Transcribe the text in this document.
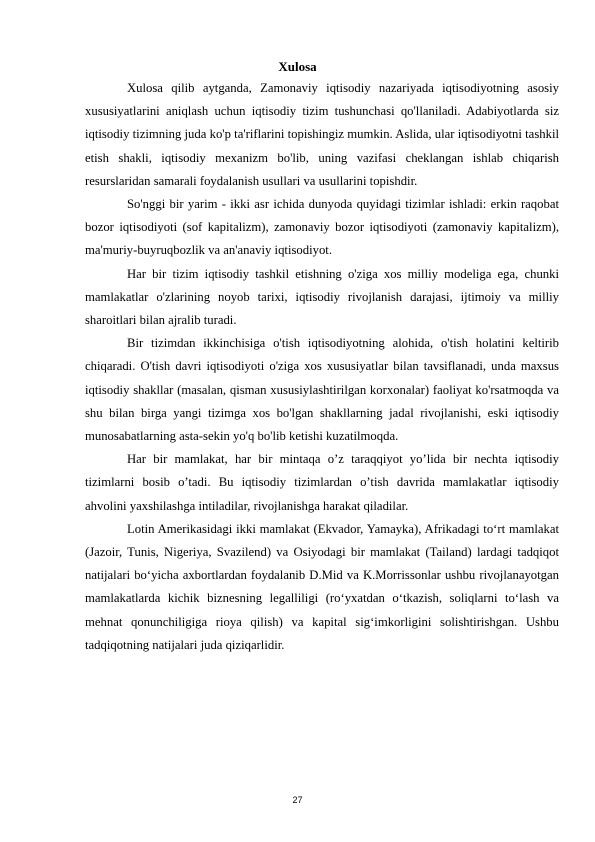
Xulosa

Xulosa qilib aytganda, Zamonaviy iqtisodiy nazariyada iqtisodiyotning asosiy xususiyatlarini aniqlash uchun iqtisodiy tizim tushunchasi qo'llaniladi. Adabiyotlarda siz iqtisodiy tizimning juda ko'p ta'riflarini topishingiz mumkin. Aslida, ular iqtisodiyotni tashkil etish shakli, iqtisodiy mexanizm bo'lib, uning vazifasi cheklangan ishlab chiqarish resurslaridan samarali foydalanish usullari va usullarini topishdir.

So'nggi bir yarim - ikki asr ichida dunyoda quyidagi tizimlar ishladi: erkin raqobat bozor iqtisodiyoti (sof kapitalizm), zamonaviy bozor iqtisodiyoti (zamonaviy kapitalizm), ma'muriy-buyruqbozlik va an'anaviy iqtisodiyot.

Har bir tizim iqtisodiy tashkil etishning o'ziga xos milliy modeliga ega, chunki mamlakatlar o'zlarining noyob tarixi, iqtisodiy rivojlanish darajasi, ijtimoiy va milliy sharoitlari bilan ajralib turadi.

Bir tizimdan ikkinchisiga o'tish iqtisodiyotning alohida, o'tish holatini keltirib chiqaradi. O'tish davri iqtisodiyoti o'ziga xos xususiyatlar bilan tavsiflanadi, unda maxsus iqtisodiy shakllar (masalan, qisman xususiylashtirilgan korxonalar) faoliyat ko'rsatmoqda va shu bilan birga yangi tizimga xos bo'lgan shakllarning jadal rivojlanishi, eski iqtisodiy munosabatlarning asta-sekin yo'q bo'lib ketishi kuzatilmoqda.

Har bir mamlakat, har bir mintaqa o’z taraqqiyot yo’lida bir nechta iqtisodiy tizimlarni bosib o’tadi. Bu iqtisodiy tizimlardan o’tish davrida mamlakatlar iqtisodiy ahvolini yaxshilashga intiladilar, rivojlanishga harakat qiladilar.

Lotin Amerikasidagi ikki mamlakat (Ekvador, Yamayka), Afrikadagi to‘rt mamlakat (Jazoir, Tunis, Nigeriya, Svazilend) va Osiyodagi bir mamlakat (Tailand) lardagi tadqiqot natijalari bo‘yicha axbortlardan foydalanib D.Mid va K.Morrissonlar ushbu rivojlanayotgan mamlakatlarda kichik biznesning legalliligi (ro‘yxatdan o‘tkazish, soliqlarni to‘lash va mehnat qonunchiligiga rioya qilish) va kapital sig‘imkorligini solishtirishgan. Ushbu tadqiqotning natijalari juda qiziqarlidir.

27
